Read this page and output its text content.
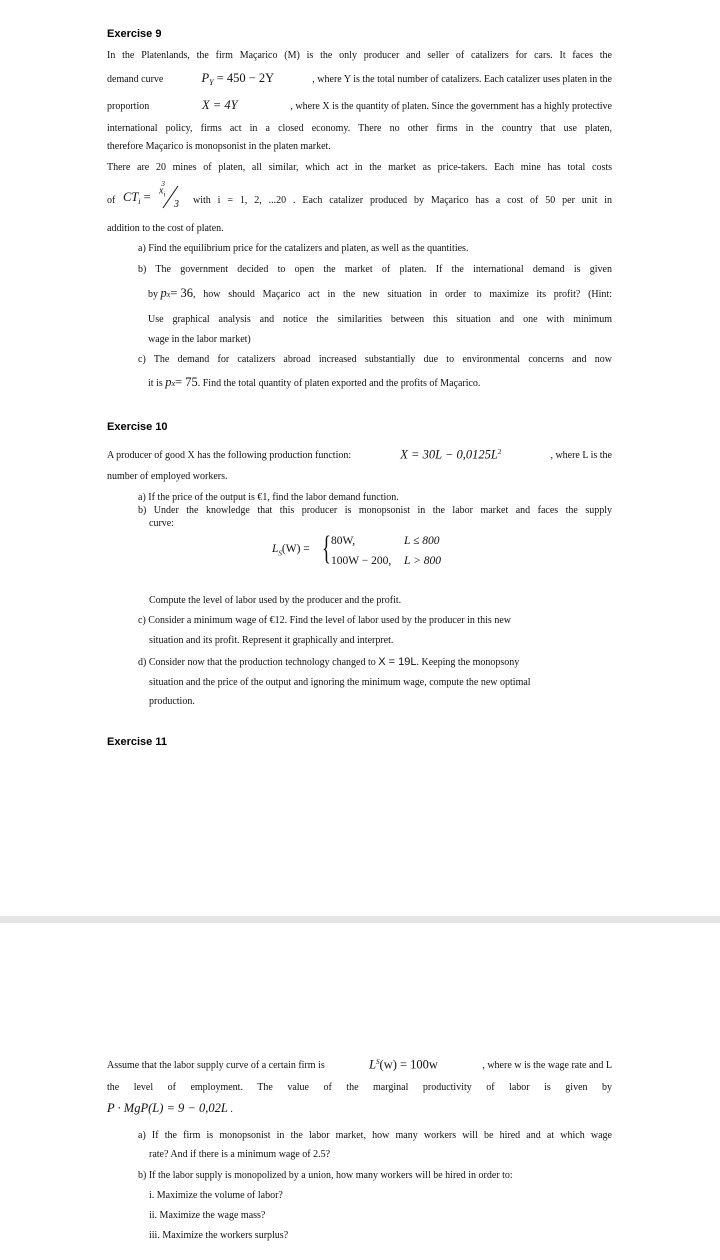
Exercise 9
In the Platenlands, the firm Maçarico (M) is the only producer and seller of catalizers for cars. It faces the
demand curve	$P_Y = 450 - 2Y$	, where Y is the total number of catalizers. Each catalizer uses platen in the
proportion	X = 4Y	, where X is the quantity of platen. Since the government has a highly protective
international policy, firms act in a closed economy. There no other firms in the country that use platen,
therefore Maçarico is monopsonist in the platen market.
There are 20 mines of platen, all similar, which act in the market as price-takers. Each mine has total costs
of $CT_i = x_i^3$
3 with i = 1, 2, ...20 . Each catalizer produced by Maçarico has a cost of 50 per unit in
addition to the cost of platen.
a) Find the equilibrium price for the catalizers and platen, as well as the quantities.
b) The government decided to open the market of platen. If the international demand is given
by
p x = 36 , how should Maçarico act in the new situation in order to maximize its profit? (Hint:
Use graphical analysis and notice the similarities between this situation and one with minimum
wage in the labor market)
c) The demand for catalizers abroad increased substantially due to environmental concerns and now
it is
p x = 75 . Find the total quantity of platen exported and the profits of Maçarico.
Exercise 10
A producer of good X has the following production function:	$X = 30L - 0,0125L^2$	, where L is the
number of employed workers.
a) If the price of the output is €1, find the labor demand function.
b) Under the knowledge that this producer is monopsonist in the labor market and faces the supply
curve:
$L_S(W)$ = { 80W,	L ≤ 800
100W − 200, L > 800
Compute the level of labor used by the producer and the profit.
c) Consider a minimum wage of €12. Find the level of labor used by the producer in this new
situation and its profit. Represent it graphically and interpret.
d) Consider now that the production technology changed to
X = 19L . Keeping the monopsony
situation and the price of the output and ignoring the minimum wage, compute the new optimal
production.
Exercise 11
Assume that the labor supply curve of a certain firm is	$L^S(w) = 100w$	, where w is the wage rate and L
the level of employment. The value of the marginal productivity of labor is given by
P · MgP(L) = 9 − 0,02L .
a) If the firm is monopsonist in the labor market, how many workers will be hired and at which wage
rate? And if there is a minimum wage of 2.5?
b) If the labor supply is monopolized by a union, how many workers will be hired in order to:
i. Maximize the volume of labor?
ii. Maximize the wage mass?
iii. Maximize the workers surplus?
